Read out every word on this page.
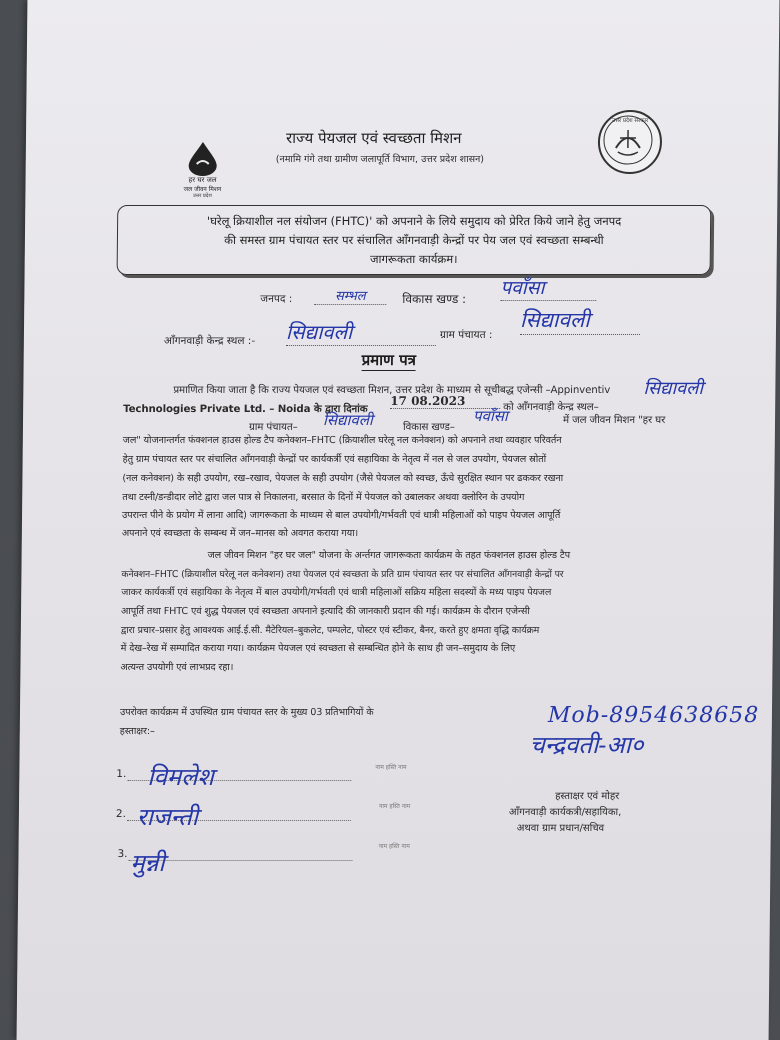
हर घर जल
जल जीवन मिशन
उत्तर प्रदेश
राज्य पेयजल एवं स्वच्छता मिशन
(नमामि गंगे तथा ग्रामीण जलापूर्ति विभाग, उत्तर प्रदेश शासन)
उत्तर प्रदेश सरकार
'घरेलू क्रियाशील नल संयोजन (FHTC)' को अपनाने के लिये समुदाय को प्रेरित किये जाने हेतु जनपद
की समस्त ग्राम पंचायत स्तर पर संचालित आँगनवाड़ी केन्द्रों पर पेय जल एवं स्वच्छता सम्बन्धी
जागरूकता कार्यक्रम।
जनपद :	सम्भल	विकास खण्ड : पवाँसा
आँगनवाड़ी केन्द्र स्थल :- सिद्यावली	ग्राम पंचायत :
सिद्यावली
प्रमाण पत्र
प्रमाणित किया जाता है कि राज्य पेयजल एवं स्वच्छता मिशन, उत्तर प्रदेश के माध्यम से सूचीबद्ध एजेन्सी –Appinventiv
Technologies Private Ltd. – Noida के द्वारा दिनांक
17 08.2023	को आँगनवाड़ी केन्द्र स्थल–
सिद्यावली
ग्राम पंचायत– सिद्यावली	विकास खण्ड–
पवाँसा	में जल जीवन मिशन "हर घर
जल" योजनान्तर्गत फंक्शनल हाउस होल्ड टैप कनेक्शन–FHTC (क्रियाशील घरेलू नल कनेक्शन) को अपनाने तथा व्यवहार परिवर्तन
हेतु ग्राम पंचायत स्तर पर संचालित आँगनवाड़ी केन्द्रों पर कार्यकर्त्री एवं सहायिका के नेतृत्व में नल से जल उपयोग, पेयजल स्रोतों
(नल कनेक्शन) के सही उपयोग, रख–रखाव, पेयजल के सही उपयोग (जैसे पेयजल को स्वच्छ, ऊँचे सुरक्षित स्थान पर ढककर रखना
तथा टस्नी/डन्डीदार लोटे द्वारा जल पात्र से निकालना, बरसात के दिनों में पेयजल को उबालकर अथवा क्लोरिन के उपयोग
उपरान्त पीने के प्रयोग में लाना आदि) जागरूकता के माध्यम से बाल उपयोगी/गर्भवती एवं धात्री महिलाओं को पाइप पेयजल आपूर्ति
अपनाने एवं स्वच्छता के सम्बन्ध में जन–मानस को अवगत कराया गया।
जल जीवन मिशन "हर घर जल" योजना के अर्न्तगत जागरूकता कार्यक्रम के तहत फंक्शनल हाउस होल्ड टैप
कनेक्शन–FHTC (क्रियाशील घरेलू नल कनेक्शन) तथा पेयजल एवं स्वच्छता के प्रति ग्राम पंचायत स्तर पर संचालित आँगनवाड़ी केन्द्रों पर
जाकर कार्यकर्त्री एवं सहायिका के नेतृत्व में बाल उपयोगी/गर्भवती एवं धात्री महिलाओं सक्रिय महिला सदस्यों के मध्य पाइप पेयजल
आपूर्ति तथा FHTC एवं शुद्ध पेयजल एवं स्वच्छता अपनाने इत्यादि की जानकारी प्रदान की गई। कार्यक्रम के दौरान एजेन्सी
द्वारा प्रचार–प्रसार हेतु आवश्यक आई.ई.सी. मैटेरियल–बुकलेट, पम्पलेट, पोस्टर एवं स्टीकर, बैनर, करते हुए क्षमता वृद्धि कार्यक्रम
में देख–रेख में सम्पादित कराया गया। कार्यक्रम पेयजल एवं स्वच्छता से सम्बन्धित होने के साथ ही जन–समुदाय के लिए
अत्यन्त उपयोगी एवं लाभप्रद रहा।
उपरोक्त कार्यक्रम में उपस्थित ग्राम पंचायत स्तर के मुख्य 03 प्रतिभागियों के
हस्ताक्षर:–
Mob-8954638658
1. विमलेश	नाम हस्ति नाम
2. राजन्ती	नाम हस्ति नाम
3. मुन्नी
नाम हस्ति नाम
चन्द्रवती-आ०
हस्ताक्षर एवं मोहर
आँगनवाड़ी कार्यकत्री/सहायिका,
अथवा ग्राम प्रधान/सचिव
